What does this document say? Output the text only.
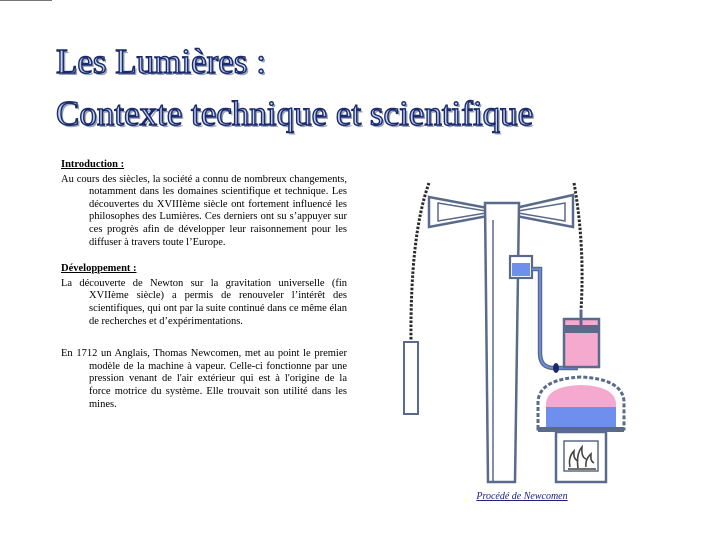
Les Lumières :
Contexte technique et scientifique
Introduction :

Au cours des siècles, la société a connu de nombreux changements, notamment dans les domaines scientifique et technique. Les découvertes du XVIIIème siècle ont fortement influencé les philosophes des Lumières. Ces derniers ont su s’appuyer sur ces progrès afin de développer leur raisonnement pour les diffuser à travers toute l’Europe.

Développement :

La découverte de Newton sur la gravitation universelle (fin XVIIème siècle) a permis de renouveler l’intérêt des scientifiques, qui ont par la suite continué dans ce même élan de recherches et d’expérimentations.

En 1712 un Anglais, Thomas Newcomen, met au point le premier modèle de la machine à vapeur. Celle-ci fonctionne par une pression venant de l'air extérieur qui est à l'origine de la force motrice du système. Elle trouvait son utilité dans les mines.

Procédé de Newcomen
